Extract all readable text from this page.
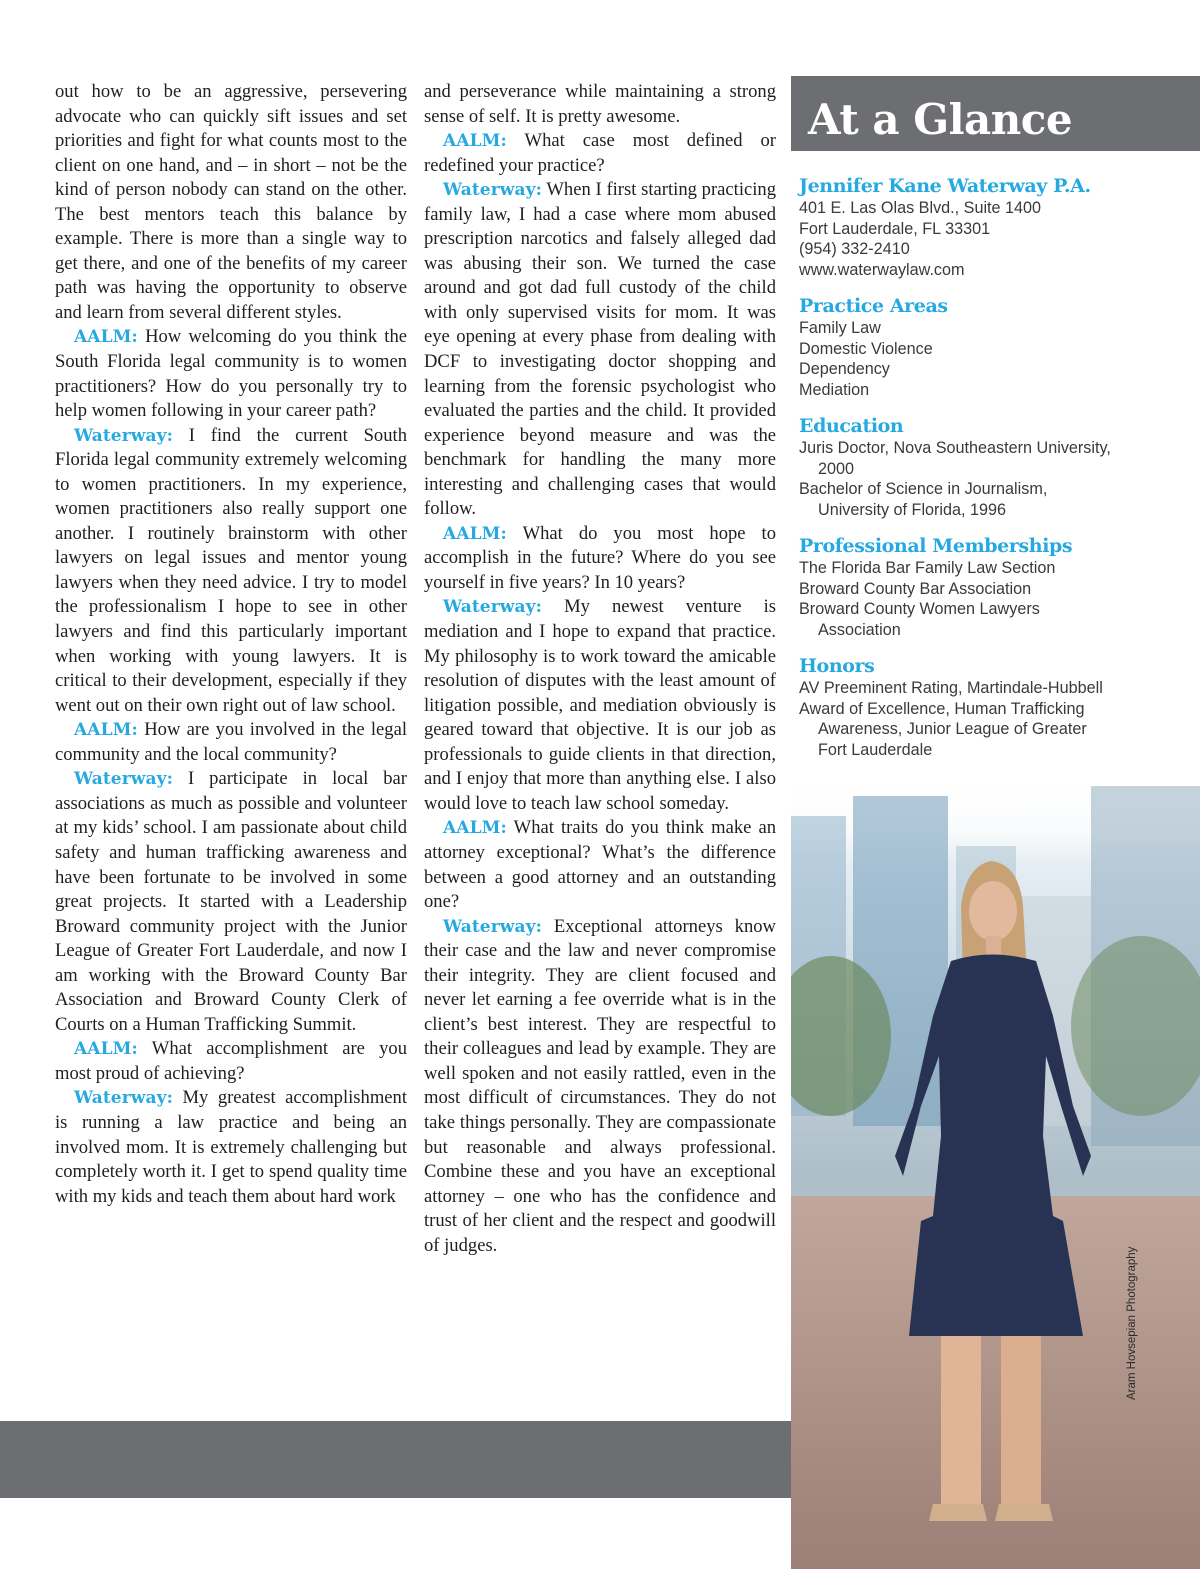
out how to be an aggressive, persevering advocate who can quickly sift issues and set priorities and fight for what counts most to the client on one hand, and – in short – not be the kind of person nobody can stand on the other. The best mentors teach this balance by example. There is more than a single way to get there, and one of the benefits of my career path was having the opportunity to observe and learn from several different styles.

AALM: How welcoming do you think the South Florida legal community is to women practitioners? How do you personally try to help women following in your career path?

Waterway: I find the current South Florida legal community extremely welcoming to women practitioners. In my experience, women practitioners also really support one another. I routinely brainstorm with other lawyers on legal issues and mentor young lawyers when they need advice. I try to model the professionalism I hope to see in other lawyers and find this particularly important when working with young lawyers. It is critical to their development, especially if they went out on their own right out of law school.

AALM: How are you involved in the legal community and the local community?

Waterway: I participate in local bar associations as much as possible and volunteer at my kids’ school. I am passionate about child safety and human trafficking awareness and have been fortunate to be involved in some great projects. It started with a Leadership Broward community project with the Junior League of Greater Fort Lauderdale, and now I am working with the Broward County Bar Association and Broward County Clerk of Courts on a Human Trafficking Summit.

AALM: What accomplishment are you most proud of achieving?

Waterway: My greatest accomplishment is running a law practice and being an involved mom. It is extremely challenging but completely worth it. I get to spend quality time with my kids and teach them about hard work

and perseverance while maintaining a strong sense of self. It is pretty awesome.

AALM: What case most defined or redefined your practice?

Waterway: When I first starting practicing family law, I had a case where mom abused prescription narcotics and falsely alleged dad was abusing their son. We turned the case around and got dad full custody of the child with only supervised visits for mom. It was eye opening at every phase from dealing with DCF to investigating doctor shopping and learning from the forensic psychologist who evaluated the parties and the child. It provided experience beyond measure and was the benchmark for handling the many more interesting and challenging cases that would follow.

AALM: What do you most hope to accomplish in the future? Where do you see yourself in five years? In 10 years?

Waterway: My newest venture is mediation and I hope to expand that practice. My philosophy is to work toward the amicable resolution of disputes with the least amount of litigation possible, and mediation obviously is geared toward that objective. It is our job as professionals to guide clients in that direction, and I enjoy that more than anything else. I also would love to teach law school someday.

AALM: What traits do you think make an attorney exceptional? What’s the difference between a good attorney and an outstanding one?

Waterway: Exceptional attorneys know their case and the law and never compromise their integrity. They are client focused and never let earning a fee override what is in the client’s best interest. They are respectful to their colleagues and lead by example. They are well spoken and not easily rattled, even in the most difficult of circumstances. They do not take things personally. They are compassionate but reasonable and always professional. Combine these and you have an exceptional attorney – one who has the confidence and trust of her client and the respect and goodwill of judges.

At a Glance

Jennifer Kane Waterway P.A.

401 E. Las Olas Blvd., Suite 1400

Fort Lauderdale, FL 33301

(954) 332-2410

www.waterwaylaw.com

Practice Areas

Family Law

Domestic Violence

Dependency

Mediation

Education

Juris Doctor, Nova Southeastern University,

2000

Bachelor of Science in Journalism,

University of Florida, 1996

Professional Memberships

The Florida Bar Family Law Section

Broward County Bar Association

Broward County Women Lawyers

Association

Honors

AV Preeminent Rating, Martindale-Hubbell

Award of Excellence, Human Trafficking

Awareness, Junior League of Greater

Fort Lauderdale

Aram Hovsepian Photography
